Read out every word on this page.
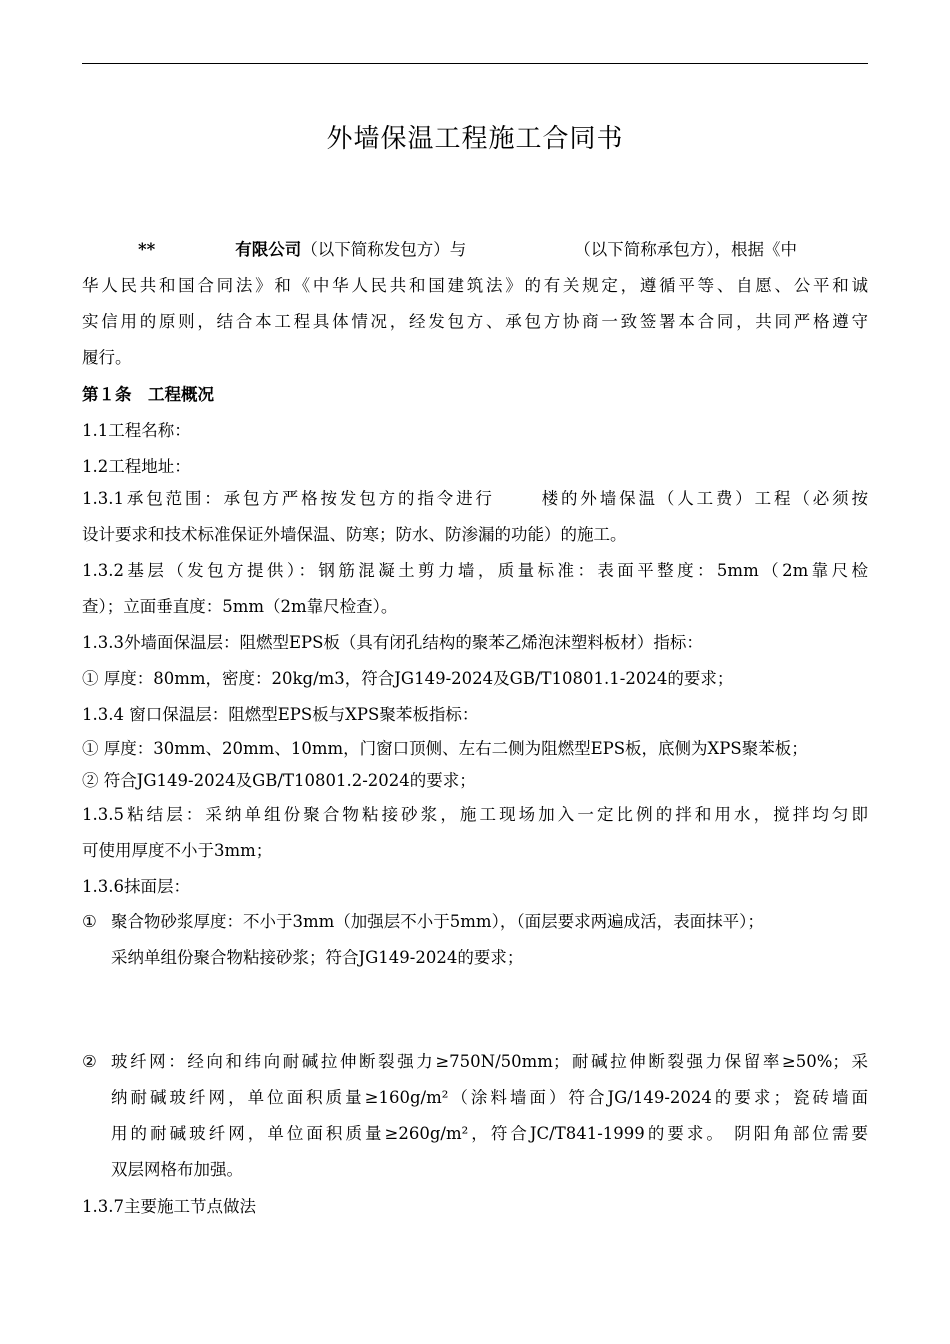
外墙保温工程施工合同书
**	有限公司（以下简称发包方）与	（以下简称承包方），根据《中
华人民共和国合同法》和《中华人民共和国建筑法》的有关规定，遵循平等、自愿、公平和诚
实信用的原则，结合本工程具体情况，经发包方、承包方协商一致签署本合同，共同严格遵守
履行。
第１条　工程概况
1.1工程名称：
1.2工程地址：
1.3.1承包范围：承包方严格按发包方的指令进行　　 楼的外墙保温（人工费）工程（必须按
设计要求和技术标准保证外墙保温、防寒；防水、防渗漏的功能）的施工。
1.3.2基层（发包方提供）：钢筋混凝土剪力墙，质量标准：表面平整度：5mm（2m靠尺检
查）；立面垂直度：5mm（2m靠尺检查）。
1.3.3外墙面保温层：阻燃型EPS板（具有闭孔结构的聚苯乙烯泡沫塑料板材）指标：
① 厚度：80mm，密度：20kg/m3，符合JG149-2024及GB/T10801.1-2024的要求；
1.3.4 窗口保温层：阻燃型EPS板与XPS聚苯板指标：
① 厚度：30mm、20mm、10mm，门窗口顶侧、左右二侧为阻燃型EPS板，底侧为XPS聚苯板；
② 符合JG149-2024及GB/T10801.2-2024的要求；
1.3.5粘结层：采纳单组份聚合物粘接砂浆，施工现场加入一定比例的拌和用水，搅拌均匀即
可使用厚度不小于3mm；
1.3.6抹面层：
① 聚合物砂浆厚度：不小于3mm（加强层不小于5mm），（面层要求两遍成活，表面抹平）；
采纳单组份聚合物粘接砂浆；符合JG149-2024的要求；
② 玻纤网：经向和纬向耐碱拉伸断裂强力≥750N/50mm；耐碱拉伸断裂强力保留率≥50%；采
纳耐碱玻纤网，单位面积质量≥160g/m²（涂料墙面）符合JG/149-2024的要求；瓷砖墙面
用的耐碱玻纤网，单位面积质量≥260g/m²，符合JC/T841-1999的要求。 阴阳角部位需要
双层网格布加强。
1.3.7主要施工节点做法
